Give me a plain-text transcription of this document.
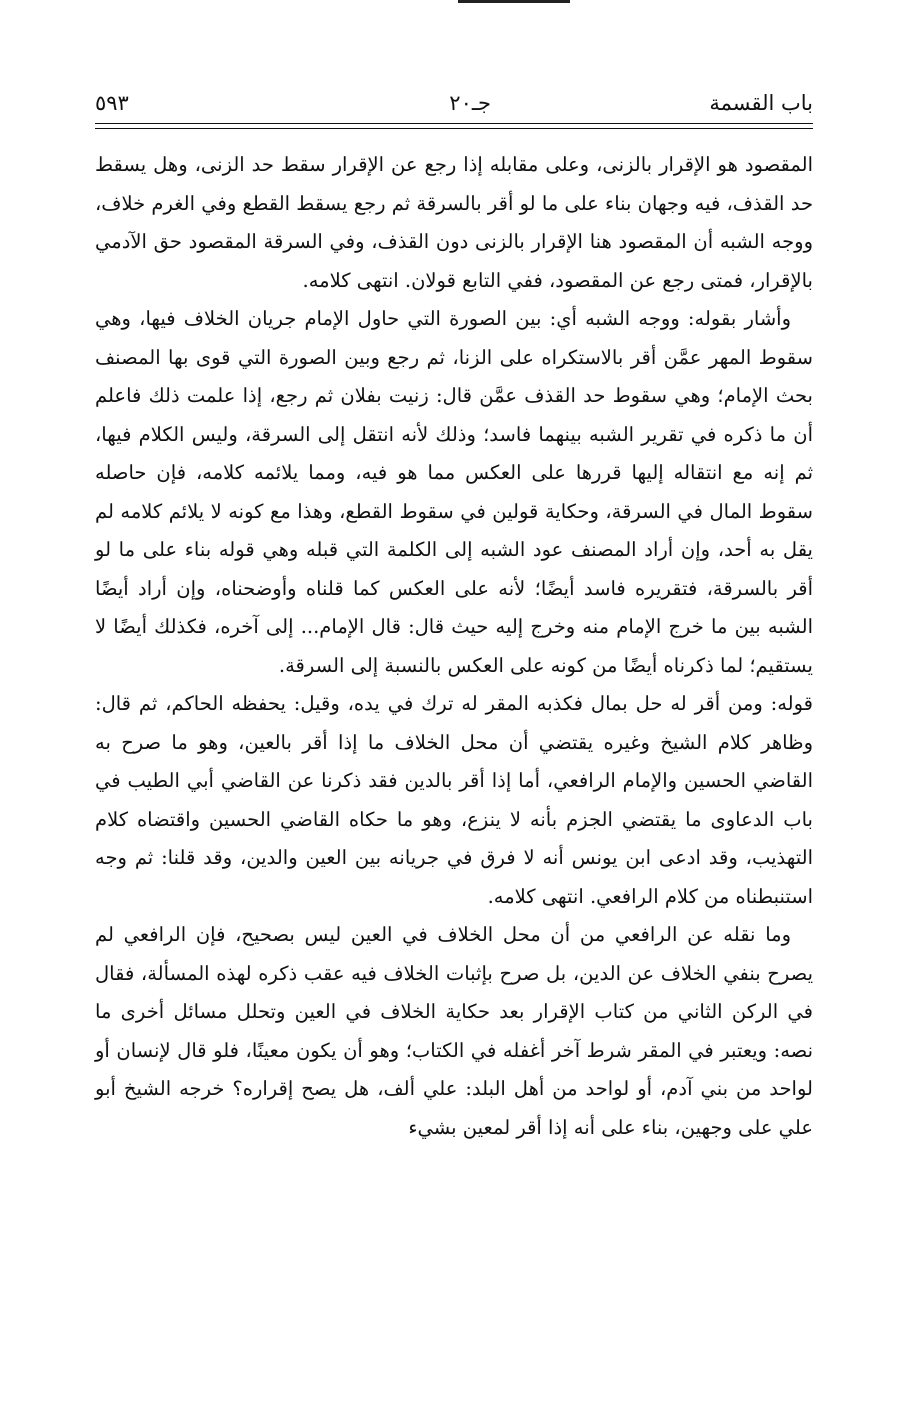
باب القسمة
جـ٢٠
٥٩٣

المقصود هو الإقرار بالزنى، وعلى مقابله إذا رجع عن الإقرار سقط حد الزنى، وهل يسقط حد القذف، فيه وجهان بناء على ما لو أقر بالسرقة ثم رجع يسقط القطع وفي الغرم خلاف، ووجه الشبه أن المقصود هنا الإقرار بالزنى دون القذف، وفي السرقة المقصود حق الآدمي بالإقرار، فمتى رجع عن المقصود، ففي التابع قولان. انتهى كلامه.

وأشار بقوله: ووجه الشبه أي: بين الصورة التي حاول الإمام جريان الخلاف فيها، وهي سقوط المهر عمَّن أقر بالاستكراه على الزنا، ثم رجع وبين الصورة التي قوى بها المصنف بحث الإمام؛ وهي سقوط حد القذف عمَّن قال: زنيت بفلان ثم رجع، إذا علمت ذلك فاعلم أن ما ذكره في تقرير الشبه بينهما فاسد؛ وذلك لأنه انتقل إلى السرقة، وليس الكلام فيها، ثم إنه مع انتقاله إليها قررها على العكس مما هو فيه، ومما يلائمه كلامه، فإن حاصله سقوط المال في السرقة، وحكاية قولين في سقوط القطع، وهذا مع كونه لا يلائم كلامه لم يقل به أحد، وإن أراد المصنف عود الشبه إلى الكلمة التي قبله وهي قوله بناء على ما لو أقر بالسرقة، فتقريره فاسد أيضًا؛ لأنه على العكس كما قلناه وأوضحناه، وإن أراد أيضًا الشبه بين ما خرج الإمام منه وخرج إليه حيث قال: قال الإمام... إلى آخره، فكذلك أيضًا لا يستقيم؛ لما ذكرناه أيضًا من كونه على العكس بالنسبة إلى السرقة.

قوله: ومن أقر له حل بمال فكذبه المقر له ترك في يده، وقيل: يحفظه الحاكم، ثم قال: وظاهر كلام الشيخ وغيره يقتضي أن محل الخلاف ما إذا أقر بالعين، وهو ما صرح به القاضي الحسين والإمام الرافعي، أما إذا أقر بالدين فقد ذكرنا عن القاضي أبي الطيب في باب الدعاوى ما يقتضي الجزم بأنه لا ينزع، وهو ما حكاه القاضي الحسين واقتضاه كلام التهذيب، وقد ادعى ابن يونس أنه لا فرق في جريانه بين العين والدين، وقد قلنا: ثم وجه استنبطناه من كلام الرافعي. انتهى كلامه.

وما نقله عن الرافعي من أن محل الخلاف في العين ليس بصحيح، فإن الرافعي لم يصرح بنفي الخلاف عن الدين، بل صرح بإثبات الخلاف فيه عقب ذكره لهذه المسألة، فقال في الركن الثاني من كتاب الإقرار بعد حكاية الخلاف في العين وتحلل مسائل أخرى ما نصه: ويعتبر في المقر شرط آخر أغفله في الكتاب؛ وهو أن يكون معينًا، فلو قال لإنسان أو لواحد من بني آدم، أو لواحد من أهل البلد: علي ألف، هل يصح إقراره؟ خرجه الشيخ أبو علي على وجهين، بناء على أنه إذا أقر لمعين بشيء
